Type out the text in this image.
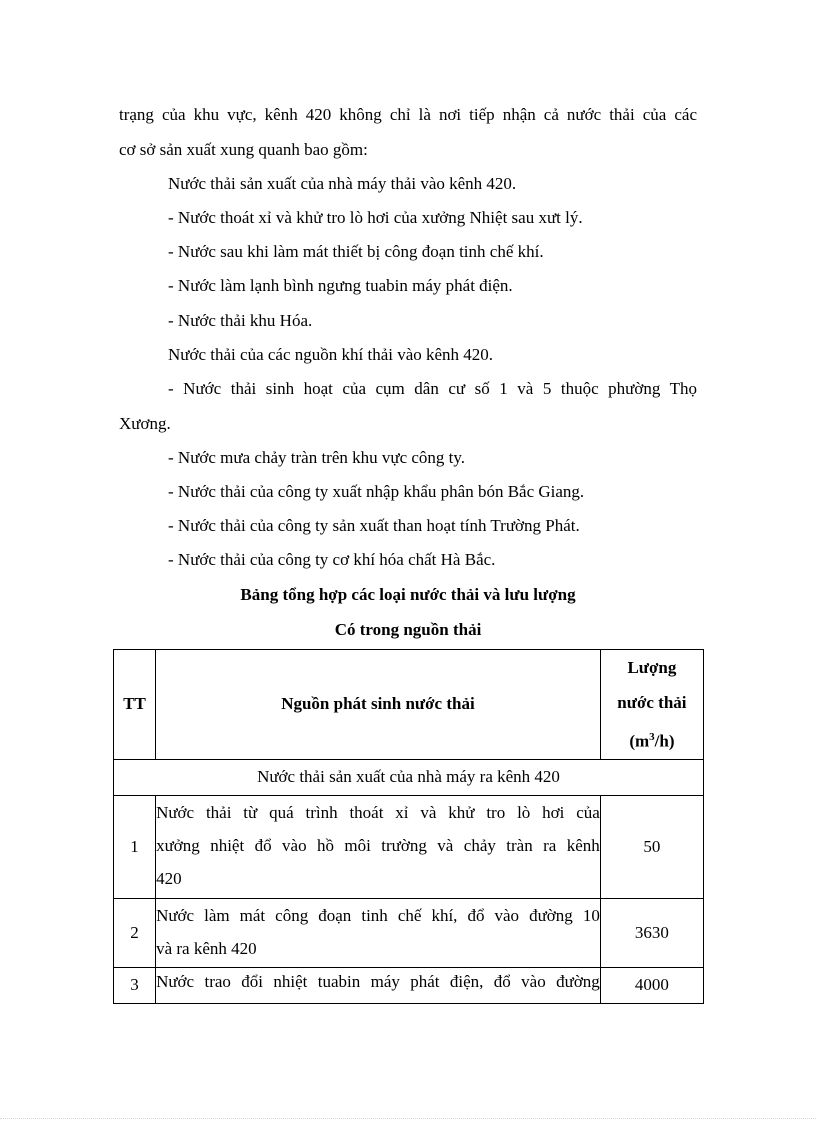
trạng của khu vực, kênh 420 không chỉ là nơi tiếp nhận cả nước thải của các
cơ sở sản xuất xung quanh bao gồm:
Nước thải sản xuất của nhà máy thải vào kênh 420.
- Nước thoát xỉ và khử tro lò hơi của xưởng Nhiệt sau xưt lý.
- Nước sau khi làm mát thiết bị công đoạn tinh chế khí.
- Nước làm lạnh bình ngưng tuabin máy phát điện.
- Nước thải khu Hóa.
Nước thải của các nguồn khí thải vào kênh 420.
- Nước thải sinh hoạt của cụm dân cư số 1 và 5 thuộc phường Thọ
Xương.
- Nước mưa chảy tràn trên khu vực công ty.
- Nước thải của công ty xuất nhập khẩu phân bón Bắc Giang.
- Nước thải của công ty sản xuất than hoạt tính Trường Phát.
- Nước thải của công ty cơ khí hóa chất Hà Bắc.
Bảng tổng hợp các loại nước thải và lưu lượng
Có trong nguồn thải
TT	Nguồn phát sinh nước thải	Lượng
nước thải
$(m^3/h)$

Nước thải sản xuất của nhà máy ra kênh 420		
1	Nước thải từ quá trình thoát xỉ và khử tro lò hơi của
xưởng nhiệt đổ vào hồ môi trường và chảy tràn ra kênh
420	50
2	Nước làm mát công đoạn tinh chế khí, đổ vào đường 10
và ra kênh 420	3630
3	Nước trao đổi nhiệt tuabin máy phát điện, đổ vào đường	4000
